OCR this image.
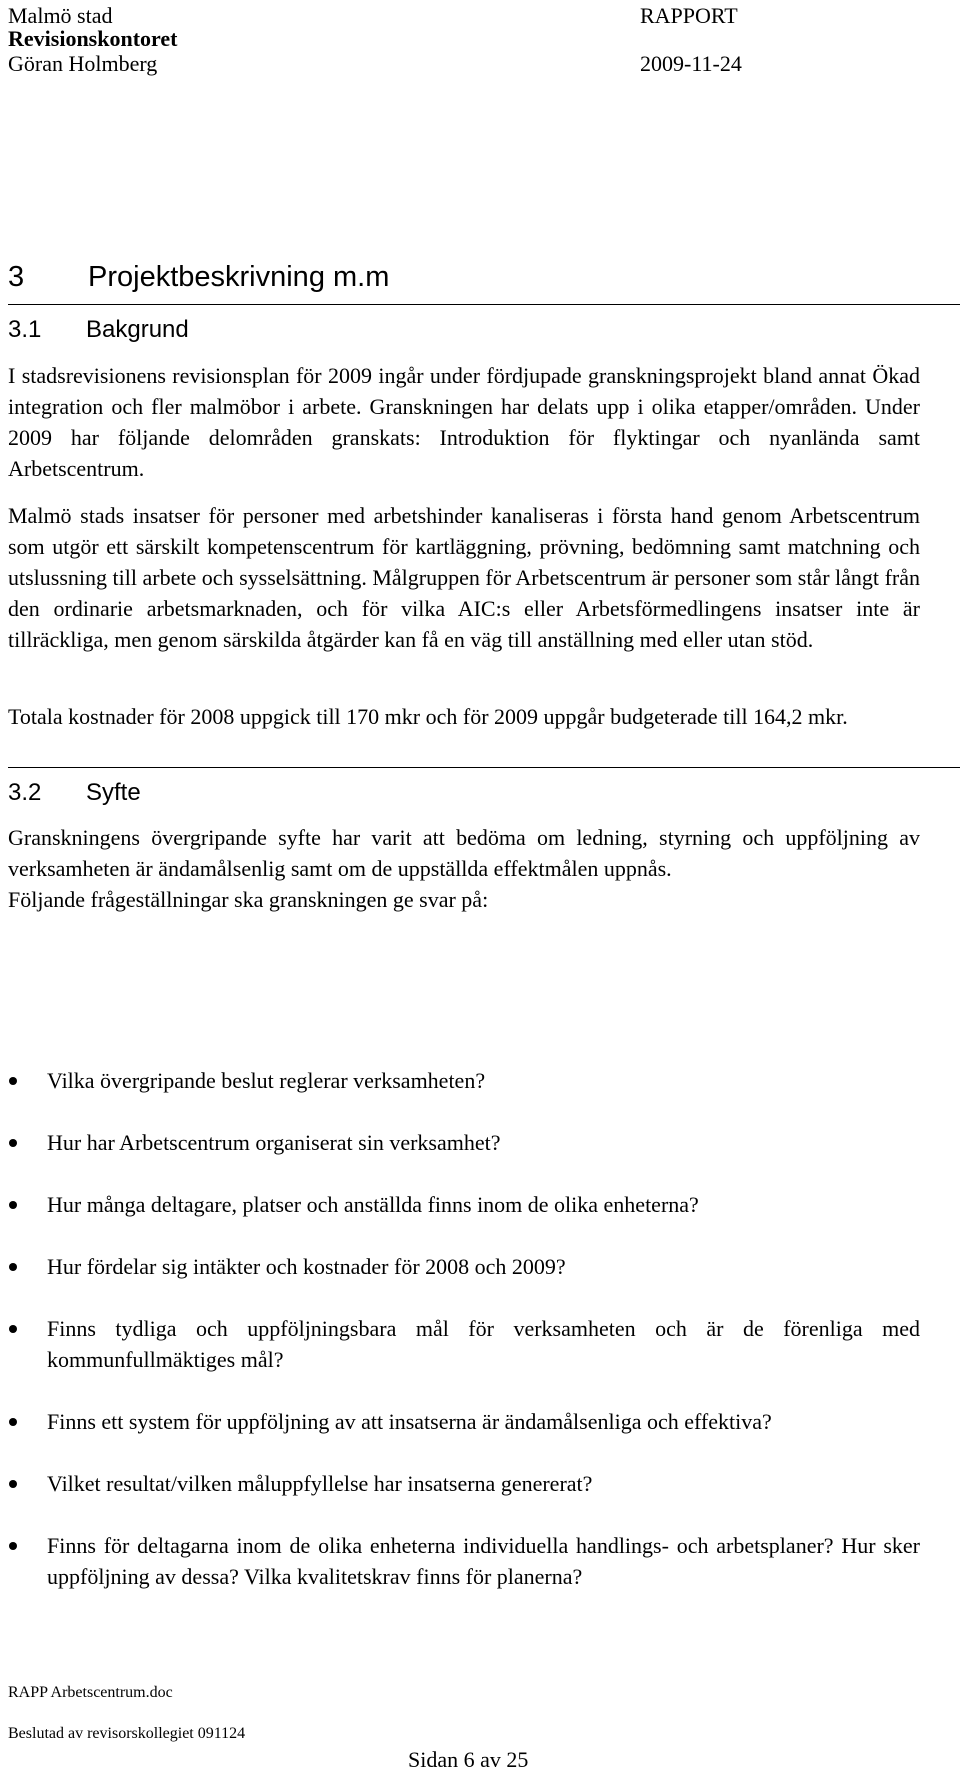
Malmö stad	RAPPORT
Revisionskontoret
Göran Holmberg	2009-11-24
3 Projektbeskrivning m.m
3.1 Bakgrund
I stadsrevisionens revisionsplan för 2009 ingår under fördjupade granskningsprojekt bland annat Ökad integration och fler malmöbor i arbete. Granskningen har delats upp i olika etapper/områden. Under 2009 har följande delområden granskats: Introduktion för flyktingar och nyanlända samt Arbetscentrum.
Malmö stads insatser för personer med arbetshinder kanaliseras i första hand genom Arbetscentrum som utgör ett särskilt kompetenscentrum för kartläggning, prövning, bedömning samt matchning och utslussning till arbete och sysselsättning. Målgruppen för Arbetscentrum är personer som står långt från den ordinarie arbetsmarknaden, och för vilka AIC:s eller Arbetsförmedlingens insatser inte är tillräckliga, men genom särskilda åtgärder kan få en väg till anställning med eller utan stöd.
Totala kostnader för 2008 uppgick till 170 mkr och för 2009 uppgår budgeterade till 164,2 mkr.
3.2 Syfte
Granskningens övergripande syfte har varit att bedöma om ledning, styrning och uppföljning av verksamheten är ändamålsenlig samt om de uppställda effektmålen uppnås.
Följande frågeställningar ska granskningen ge svar på:
Vilka övergripande beslut reglerar verksamheten?
Hur har Arbetscentrum organiserat sin verksamhet?
Hur många deltagare, platser och anställda finns inom de olika enheterna?
Hur fördelar sig intäkter och kostnader för 2008 och 2009?
Finns tydliga och uppföljningsbara mål för verksamheten och är de förenliga med kommunfullmäktiges mål?
Finns ett system för uppföljning av att insatserna är ändamålsenliga och effektiva?
Vilket resultat/vilken måluppfyllelse har insatserna genererat?
Finns för deltagarna inom de olika enheterna individuella handlings- och arbetsplaner? Hur sker uppföljning av dessa? Vilka kvalitetskrav finns för planerna?
RAPP Arbetscentrum.doc
Beslutad av revisorskollegiet 091124
Sidan 6 av 25
